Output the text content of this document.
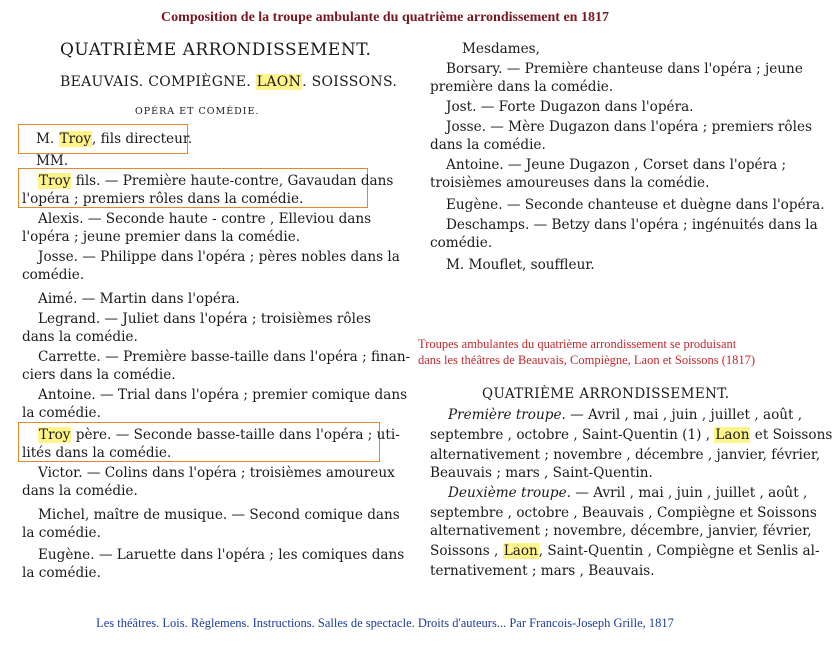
Composition de la troupe ambulante du quatrième arrondissement en 1817
Troupes ambulantes du quatrième arrondissement se produisant
dans les théâtres de Beauvais, Compiègne, Laon et Soissons (1817)
Les théâtres. Lois. Règlemens. Instructions. Salles de spectacle. Droits d'auteurs... Par Francois-Joseph Grille, 1817
QUATRIÈME ARRONDISSEMENT.
BEAUVAIS. COMPIÈGNE. LAON. SOISSONS.
OPÉRA ET COMÉDIE.
M. Troy, fils directeur.
MM.
Troy fils. — Première haute-contre, Gavaudan dans
l'opéra ; premiers rôles dans la comédie.
Alexis. — Seconde haute - contre , Elleviou dans
l'opéra ; jeune premier dans la comédie.
Josse. — Philippe dans l'opéra ; pères nobles dans la
comédie.
Aimé. — Martin dans l'opéra.
Legrand. — Juliet dans l'opéra ; troisièmes rôles
dans la comédie.
Carrette. — Première basse-taille dans l'opéra ; finan-
ciers dans la comédie.
Antoine. — Trial dans l'opéra ; premier comique dans
la comédie.
Troy père. — Seconde basse-taille dans l'opéra ; uti-
lités dans la comédie.
Victor. — Colins dans l'opéra ; troisièmes amoureux
dans la comédie.
Michel, maître de musique. — Second comique dans
la comédie.
Eugène. — Laruette dans l'opéra ; les comiques dans
la comédie.
Mesdames,
Borsary. — Première chanteuse dans l'opéra ; jeune
première dans la comédie.
Jost. — Forte Dugazon dans l'opéra.
Josse. — Mère Dugazon dans l'opéra ; premiers rôles
dans la comédie.
Antoine. — Jeune Dugazon , Corset dans l'opéra ;
troisièmes amoureuses dans la comédie.
Eugène. — Seconde chanteuse et duègne dans l'opéra.
Deschamps. — Betzy dans l'opéra ; ingénuités dans la
comédie.
M. Mouflet, souffleur.
QUATRIÈME ARRONDISSEMENT.
Première troupe. — Avril , mai , juin , juillet , août ,
septembre , octobre , Saint-Quentin (1) , Laon et Soissons
alternativement ; novembre , décembre , janvier, février,
Beauvais ; mars , Saint-Quentin.
Deuxième troupe. — Avril , mai , juin , juillet , août ,
septembre , octobre , Beauvais , Compiègne et Soissons
alternativement ; novembre, décembre, janvier, février,
Soissons , Laon, Saint-Quentin , Compiègne et Senlis al-
ternativement ; mars , Beauvais.
